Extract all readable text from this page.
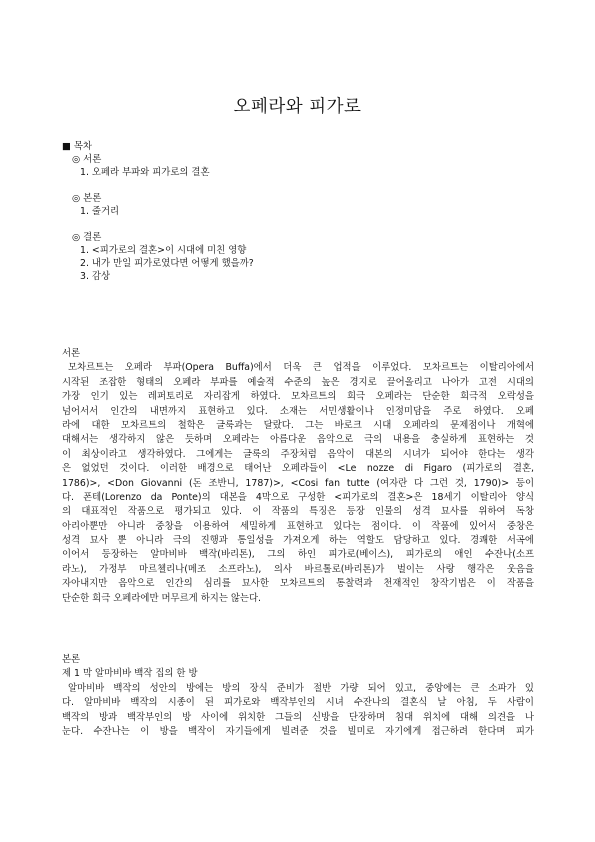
오페라와 피가로
■ 목차
◎ 서론
1. 오페라 부파와 피가로의 결혼
◎ 본론
1. 줄거리
◎ 결론
1. <피가로의 결혼>이 시대에 미친 영향
2. 내가 만일 피가로였다면 어떻게 했을까?
3. 감상
서론
모차르트는 오페라 부파(Opera Buffa)에서 더욱 큰 업적을 이루었다. 모차르트는 이탈리아에서
시작된 조잡한 형태의 오페라 부파를 예술적 수준의 높은 경지로 끌어올리고 나아가 고전 시대의
가장 인기 있는 레퍼토리로 자리잡게 하였다. 모차르트의 희극 오페라는 단순한 희극적 오락성을
넘어서서 인간의 내면까지 표현하고 있다. 소재는 서민생활이나 인정미담을 주로 하였다. 오페
라에 대한 모차르트의 철학은 글룩과는 달랐다. 그는 바로크 시대 오페라의 문제점이나 개혁에
대해서는 생각하지 않은 듯하며 오페라는 아름다운 음악으로 극의 내용을 충실하게 표현하는 것
이 최상이라고 생각하였다. 그에게는 글룩의 주장처럼 음악이 대본의 시녀가 되어야 한다는 생각
은 없었던 것이다. 이러한 배경으로 태어난 오페라들이 <Le nozze di Figaro (피가로의 결혼,
1786)>, <Don Giovanni (돈 조반니, 1787)>, <Cosi fan tutte (여자란 다 그런 것, 1790)> 등이
다. 폰테(Lorenzo da Ponte)의 대본을 4막으로 구성한 <피가로의 결혼>은 18세기 이탈리아 양식
의 대표적인 작품으로 평가되고 있다. 이 작품의 특징은 등장 인물의 성격 묘사를 위하여 독창
아리아뿐만 아니라 중창을 이용하여 세밀하게 표현하고 있다는 점이다. 이 작품에 있어서 중창은
성격 묘사 뿐 아니라 극의 진행과 통일성을 가져오게 하는 역할도 담당하고 있다. 경쾌한 서곡에
이어서 등장하는 알마비바 백작(바리톤), 그의 하인 피가로(베이스), 피가로의 애인 수잔나(소프
라노), 가정부 마르첼리나(메조 소프라노), 의사 바르톨로(바리톤)가 벌이는 사랑 행각은 웃음을
자아내지만 음악으로 인간의 심리를 묘사한 모차르트의 통찰력과 천재적인 창작기법은 이 작품을
단순한 희극 오페라에만 머무르게 하지는 않는다.
본론
제 1 막 알마비바 백작 집의 한 방
알마비바 백작의 성안의 방에는 방의 장식 준비가 절반 가량 되어 있고, 중앙에는 큰 소파가 있
다. 알마비바 백작의 시종이 된 피가로와 백작부인의 시녀 수잔나의 결혼식 날 아침, 두 사람이
백작의 방과 백작부인의 방 사이에 위치한 그들의 신방을 단장하며 침대 위치에 대해 의견을 나
눈다. 수잔나는 이 방을 백작이 자기들에게 빌려준 것을 빌미로 자기에게 접근하려 한다며 피가
